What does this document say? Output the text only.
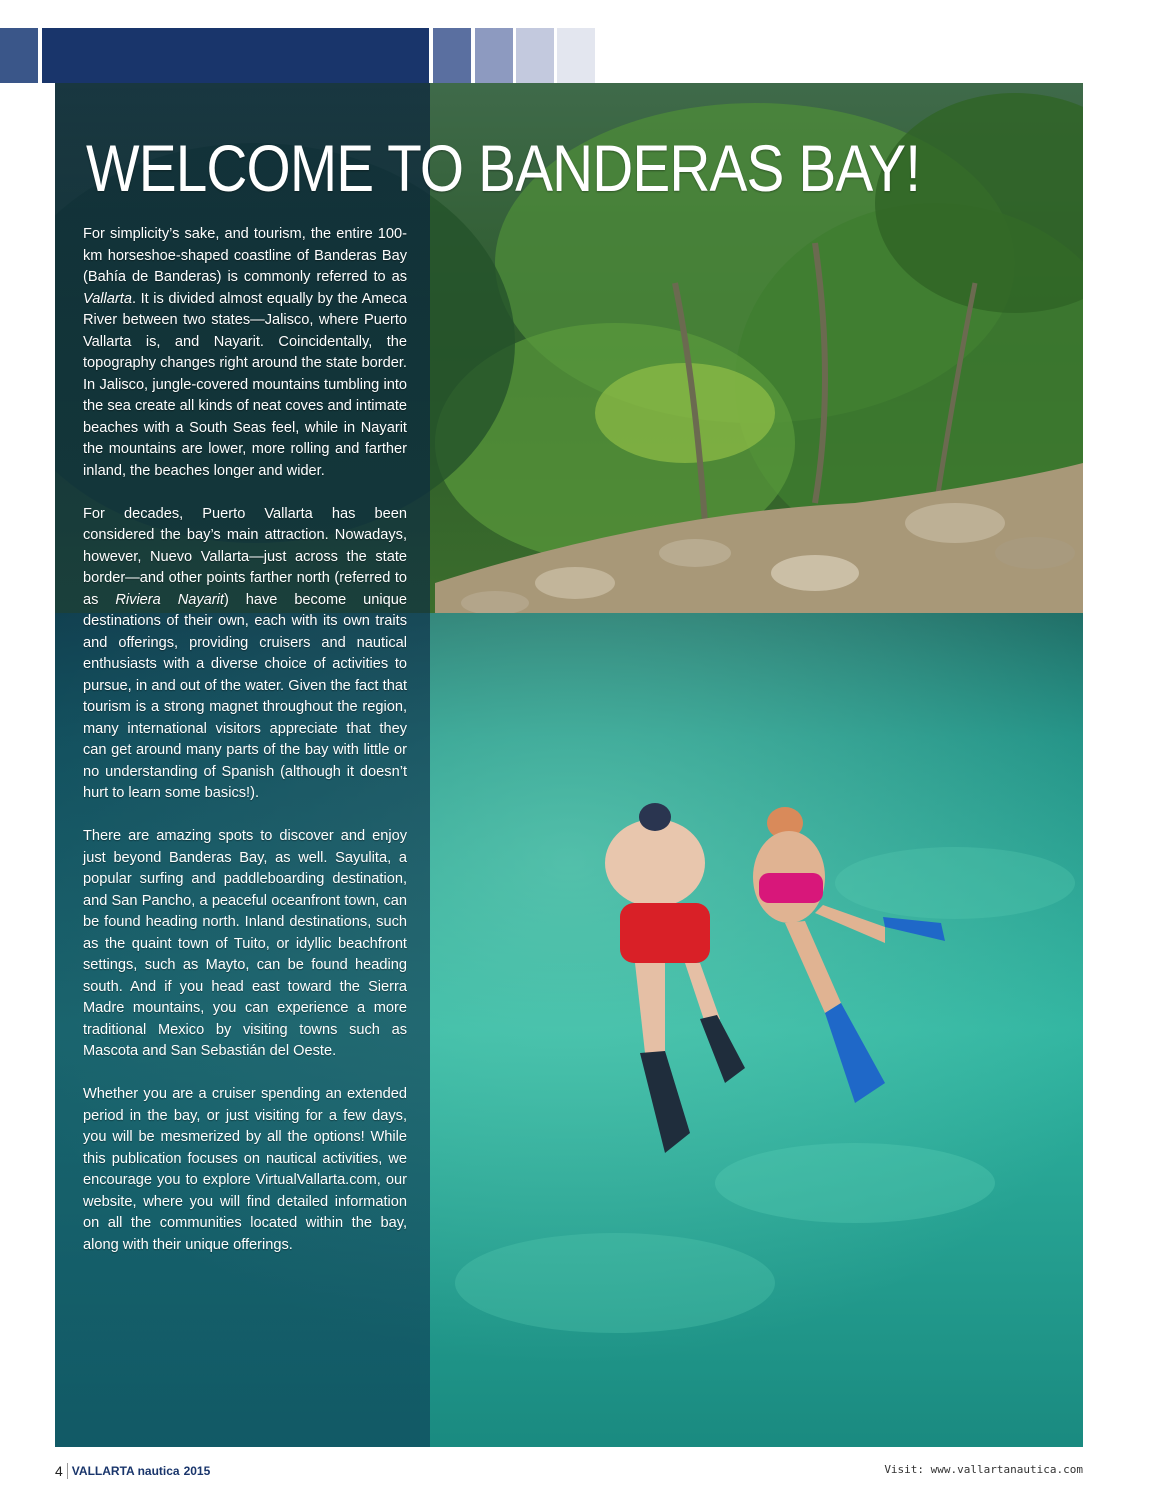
WELCOME TO BANDERAS BAY!

For simplicity’s sake, and tourism, the entire 100-km horseshoe-shaped coastline of Banderas Bay (Bahía de Banderas) is commonly referred to as Vallarta. It is divided almost equally by the Ameca River between two states—Jalisco, where Puerto Vallarta is, and Nayarit. Coincidentally, the topography changes right around the state border. In Jalisco, jungle-covered mountains tumbling into the sea create all kinds of neat coves and intimate beaches with a South Seas feel, while in Nayarit the mountains are lower, more rolling and farther inland, the beaches longer and wider.

For decades, Puerto Vallarta has been considered the bay’s main attraction. Nowadays, however, Nuevo Vallarta—just across the state border—and other points farther north (referred to as Riviera Nayarit) have become unique destinations of their own, each with its own traits and offerings, providing cruisers and nautical enthusiasts with a diverse choice of activities to pursue, in and out of the water. Given the fact that tourism is a strong magnet throughout the region, many international visitors appreciate that they can get around many parts of the bay with little or no understanding of Spanish (although it doesn’t hurt to learn some basics!).

There are amazing spots to discover and enjoy just beyond Banderas Bay, as well. Sayulita, a popular surfing and paddleboarding destination, and San Pancho, a peaceful oceanfront town, can be found heading north. Inland destinations, such as the quaint town of Tuito, or idyllic beachfront settings, such as Mayto, can be found heading south. And if you head east toward the Sierra Madre mountains, you can experience a more traditional Mexico by visiting towns such as Mascota and San Sebastián del Oeste.

Whether you are a cruiser spending an extended period in the bay, or just visiting for a few days, you will be mesmerized by all the options! While this publication focuses on nautical activities, we encourage you to explore VirtualVallarta.com, our website, where you will find detailed information on all the communities located within the bay, along with their unique offerings.

4 VALLARTA nautica 2015	Visit: www.vallartanautica.com
